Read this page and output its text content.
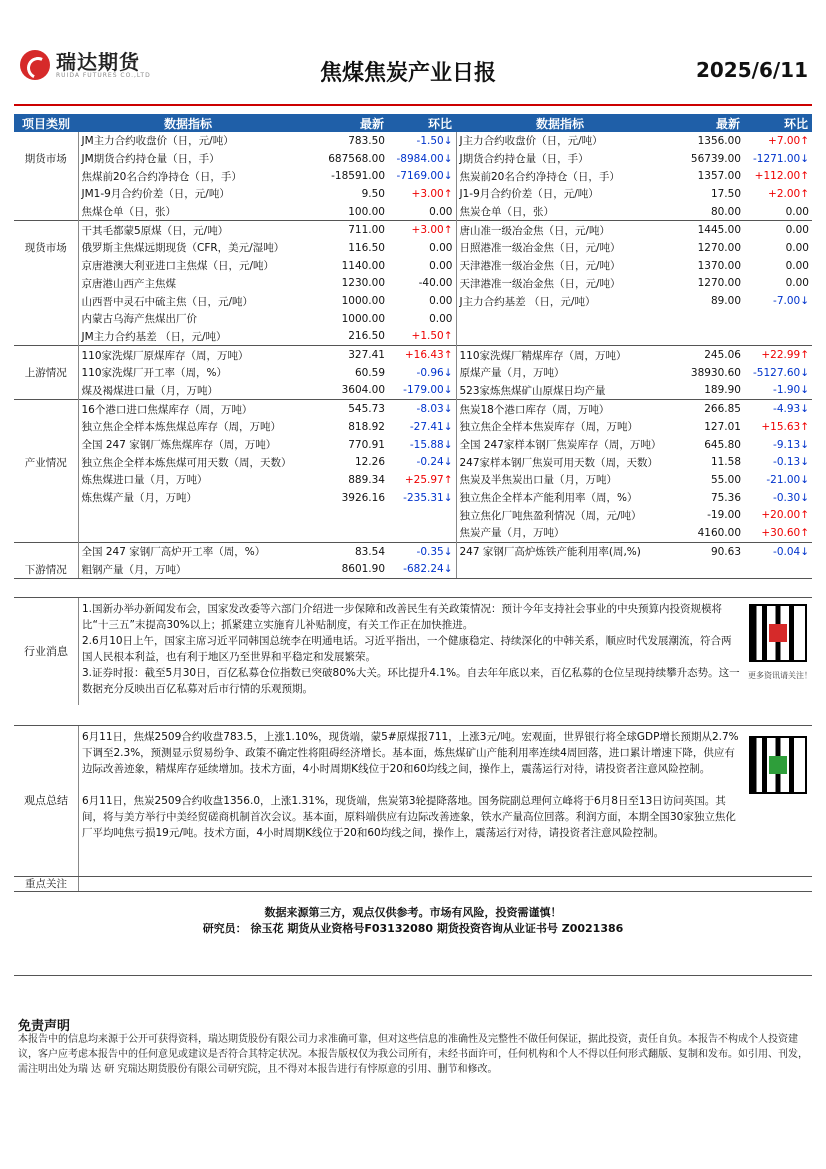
瑞达期货
RUIDA FUTURES CO.,LTD	焦煤焦炭产业日报	2025/6/11
项目类别	数据指标	最新	环比	数据指标	最新	环比
	JM主力合约收盘价（日，元/吨）	783.50	-1.50↓	J主力合约收盘价（日，元/吨）	1356.00	+7.00↑
期货市场	JM期货合约持仓量（日，手）	687568.00	-8984.00↓	J期货合约持仓量（日，手）	56739.00	-1271.00↓
	焦煤前20名合约净持仓（日，手）	-18591.00	-7169.00↓	焦炭前20名合约净持仓（日，手）	1357.00	+112.00↑
	JM1-9月合约价差（日，元/吨）	9.50	+3.00↑	J1-9月合约价差（日，元/吨）	17.50	+2.00↑
	焦煤仓单（日，张）	100.00	0.00	焦炭仓单（日，张）	80.00	0.00
	干其毛都蒙5原煤（日，元/吨）	711.00	+3.00↑	唐山准一级冶金焦（日，元/吨）	1445.00	0.00
现货市场	俄罗斯主焦煤远期现货（CFR，美元/湿吨）	116.50	0.00	日照港准一级冶金焦（日，元/吨）	1270.00	0.00
	京唐港澳大利亚进口主焦煤（日，元/吨）	1140.00	0.00	天津港准一级冶金焦（日，元/吨）	1370.00	0.00
	京唐港山西产主焦煤	1230.00	-40.00	天津港准一级冶金焦（日，元/吨）	1270.00	0.00
	山西晋中灵石中硫主焦（日，元/吨）	1000.00	0.00	J主力合约基差 （日，元/吨）	89.00	-7.00↓
	内蒙古乌海产焦煤出厂价	1000.00	0.00			
	JM主力合约基差 （日，元/吨）	216.50	+1.50↑			
	110家洗煤厂原煤库存（周，万吨）	327.41	+16.43↑	110家洗煤厂精煤库存（周，万吨）	245.06	+22.99↑
上游情况	110家洗煤厂开工率（周，%）	60.59	-0.96↓	原煤产量（月，万吨）	38930.60	-5127.60↓
	煤及褐煤进口量（月，万吨）	3604.00	-179.00↓	523家炼焦煤矿山原煤日均产量	189.90	-1.90↓
	16个港口进口焦煤库存（周，万吨）	545.73	-8.03↓	焦炭18个港口库存（周，万吨）	266.85	-4.93↓
	独立焦企全样本炼焦煤总库存（周，万吨）	818.92	-27.41↓	独立焦企全样本焦炭库存（周，万吨）	127.01	+15.63↑
	全国 247 家钢厂炼焦煤库存（周，万吨）	770.91	-15.88↓	全国 247家样本钢厂焦炭库存（周，万吨）	645.80	-9.13↓
产业情况	独立焦企全样本炼焦煤可用天数（周，天数）	12.26	-0.24↓	247家样本钢厂焦炭可用天数（周，天数）	11.58	-0.13↓
	炼焦煤进口量（月，万吨）	889.34	+25.97↑	焦炭及半焦炭出口量（月，万吨）	55.00	-21.00↓
	炼焦煤产量（月，万吨）	3926.16	-235.31↓	独立焦企全样本产能利用率（周，%）	75.36	-0.30↓
				独立焦化厂吨焦盈利情况（周，元/吨）	-19.00	+20.00↑
				焦炭产量（月，万吨）	4160.00	+30.60↑
	全国 247 家钢厂高炉开工率（周，%）	83.54	-0.35↓	247 家钢厂高炉炼铁产能利用率(周,%)	90.63	-0.04↓
下游情况	粗钢产量（月，万吨）	8601.90	-682.24↓			
行业消息
1.国新办举办新闻发布会，国家发改委等六部门介绍进一步保障和改善民生有关政策情况：预计今年支持社会事业的中央预算内投资规模将比“十三五”末提高30%以上；抓紧建立实施育儿补贴制度，有关工作正在加快推进。
2.6月10日上午，国家主席习近平同韩国总统李在明通电话。习近平指出，一个健康稳定、持续深化的中韩关系，顺应时代发展潮流，符合两国人民根本利益，也有利于地区乃至世界和平稳定和发展繁荣。
3.证券时报：截至5月30日，百亿私募仓位指数已突破80%大关。环比提升4.1%。自去年年底以来，百亿私募的仓位呈现持续攀升态势。这一数据充分反映出百亿私募对后市行情的乐观预期。
更多资讯请关注！
观点总结
6月11日，焦煤2509合约收盘783.5，上涨1.10%，现货端，蒙5#原煤报711，上涨3元/吨。宏观面，世界银行将全球GDP增长预期从2.7%下调至2.3%，预测显示贸易纷争、政策不确定性将阻碍经济增长。基本面，炼焦煤矿山产能利用率连续4周回落，进口累计增速下降，供应有边际改善迹象，精煤库存延续增加。技术方面，4小时周期K线位于20和60均线之间，操作上，震荡运行对待，请投资者注意风险控制。
6月11日，焦炭2509合约收盘1356.0，上涨1.31%，现货端，焦炭第3轮提降落地。国务院副总理何立峰将于6月8日至13日访问英国。其间，将与美方举行中美经贸磋商机制首次会议。基本面，原料端供应有边际改善迹象，铁水产量高位回落。利润方面，本期全国30家独立焦化厂平均吨焦亏损19元/吨。技术方面，4小时周期K线位于20和60均线之间，操作上，震荡运行对待，请投资者注意风险控制。
重点关注
数据来源第三方，观点仅供参考。市场有风险，投资需谨慎！
研究员： 徐玉花 期货从业资格号F03132080 期货投资咨询从业证书号 Z0021386
免责声明
本报告中的信息均来源于公开可获得资料，瑞达期货股份有限公司力求准确可靠，但对这些信息的准确性及完整性不做任何保证，据此投资，责任自负。本报告不构成个人投资建议，客户应考虑本报告中的任何意见或建议是否符合其特定状况。本报告版权仅为我公司所有，未经书面许可，任何机构和个人不得以任何形式翻版、复制和发布。如引用、刊发，需注明出处为瑞 达 研 究瑞达期货股份有限公司研究院，且不得对本报告进行有悖原意的引用、删节和修改。
